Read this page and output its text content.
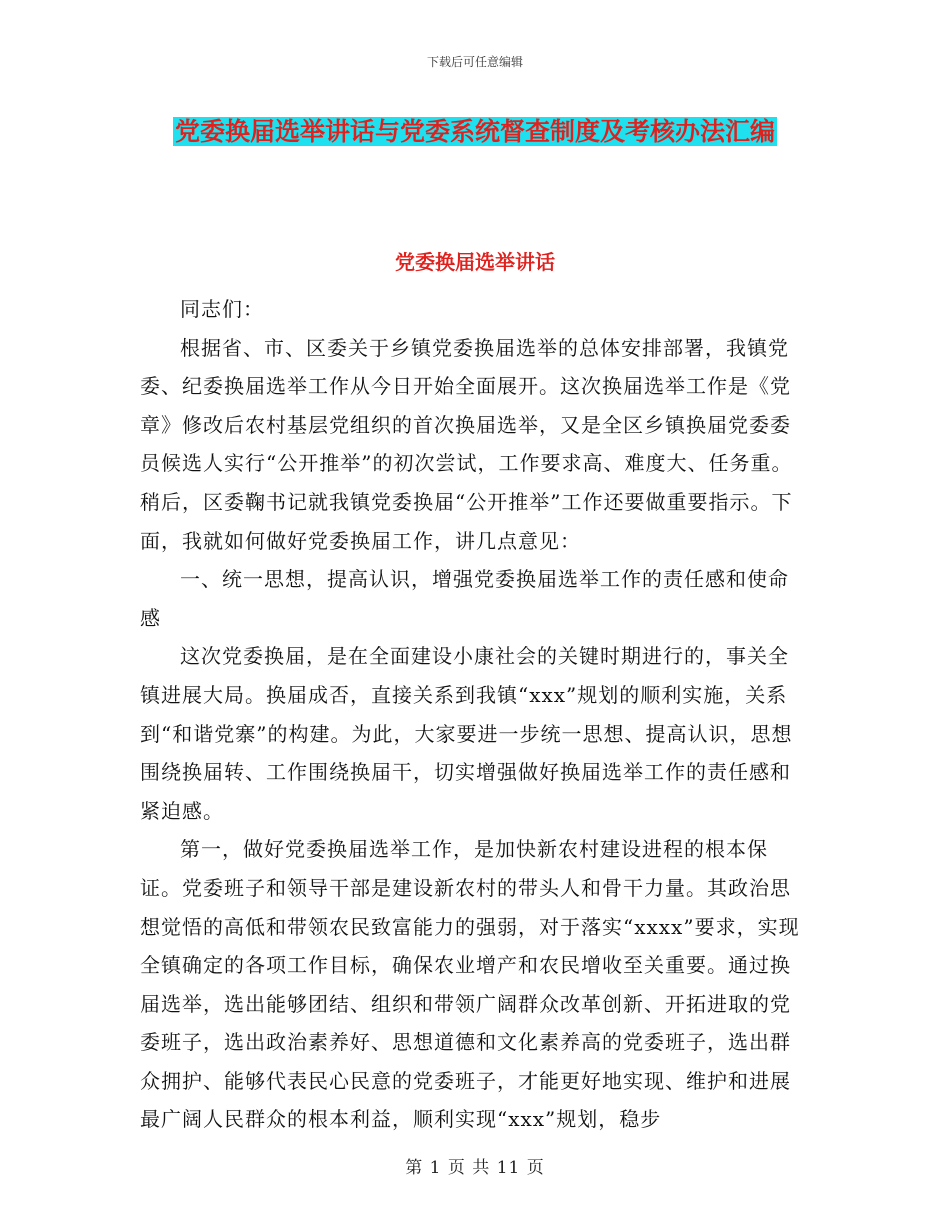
下载后可任意编辑
党委换届选举讲话与党委系统督查制度及考核办法汇编
党委换届选举讲话

同志们：

根据省、市、区委关于乡镇党委换届选举的总体安排部署，我镇党委、纪委换届选举工作从今日开始全面展开。这次换届选举工作是《党章》修改后农村基层党组织的首次换届选举，又是全区乡镇换届党委委员候选人实行“公开推举”的初次尝试，工作要求高、难度大、任务重。稍后，区委鞠书记就我镇党委换届“公开推举”工作还要做重要指示。下面，我就如何做好党委换届工作，讲几点意见：

一、统一思想，提高认识，增强党委换届选举工作的责任感和使命感

这次党委换届，是在全面建设小康社会的关键时期进行的，事关全镇进展大局。换届成否，直接关系到我镇“xxx”规划的顺利实施，关系到“和谐党寨”的构建。为此，大家要进一步统一思想、提高认识，思想围绕换届转、工作围绕换届干，切实增强做好换届选举工作的责任感和紧迫感。

第一，做好党委换届选举工作，是加快新农村建设进程的根本保证。党委班子和领导干部是建设新农村的带头人和骨干力量。其政治思想觉悟的高低和带领农民致富能力的强弱，对于落实“xxxx”要求，实现全镇确定的各项工作目标，确保农业增产和农民增收至关重要。通过换届选举，选出能够团结、组织和带领广阔群众改革创新、开拓进取的党委班子，选出政治素养好、思想道德和文化素养高的党委班子，选出群众拥护、能够代表民心民意的党委班子，才能更好地实现、维护和进展最广阔人民群众的根本利益，顺利实现“xxx”规划，稳步

第 1 页 共 11 页
